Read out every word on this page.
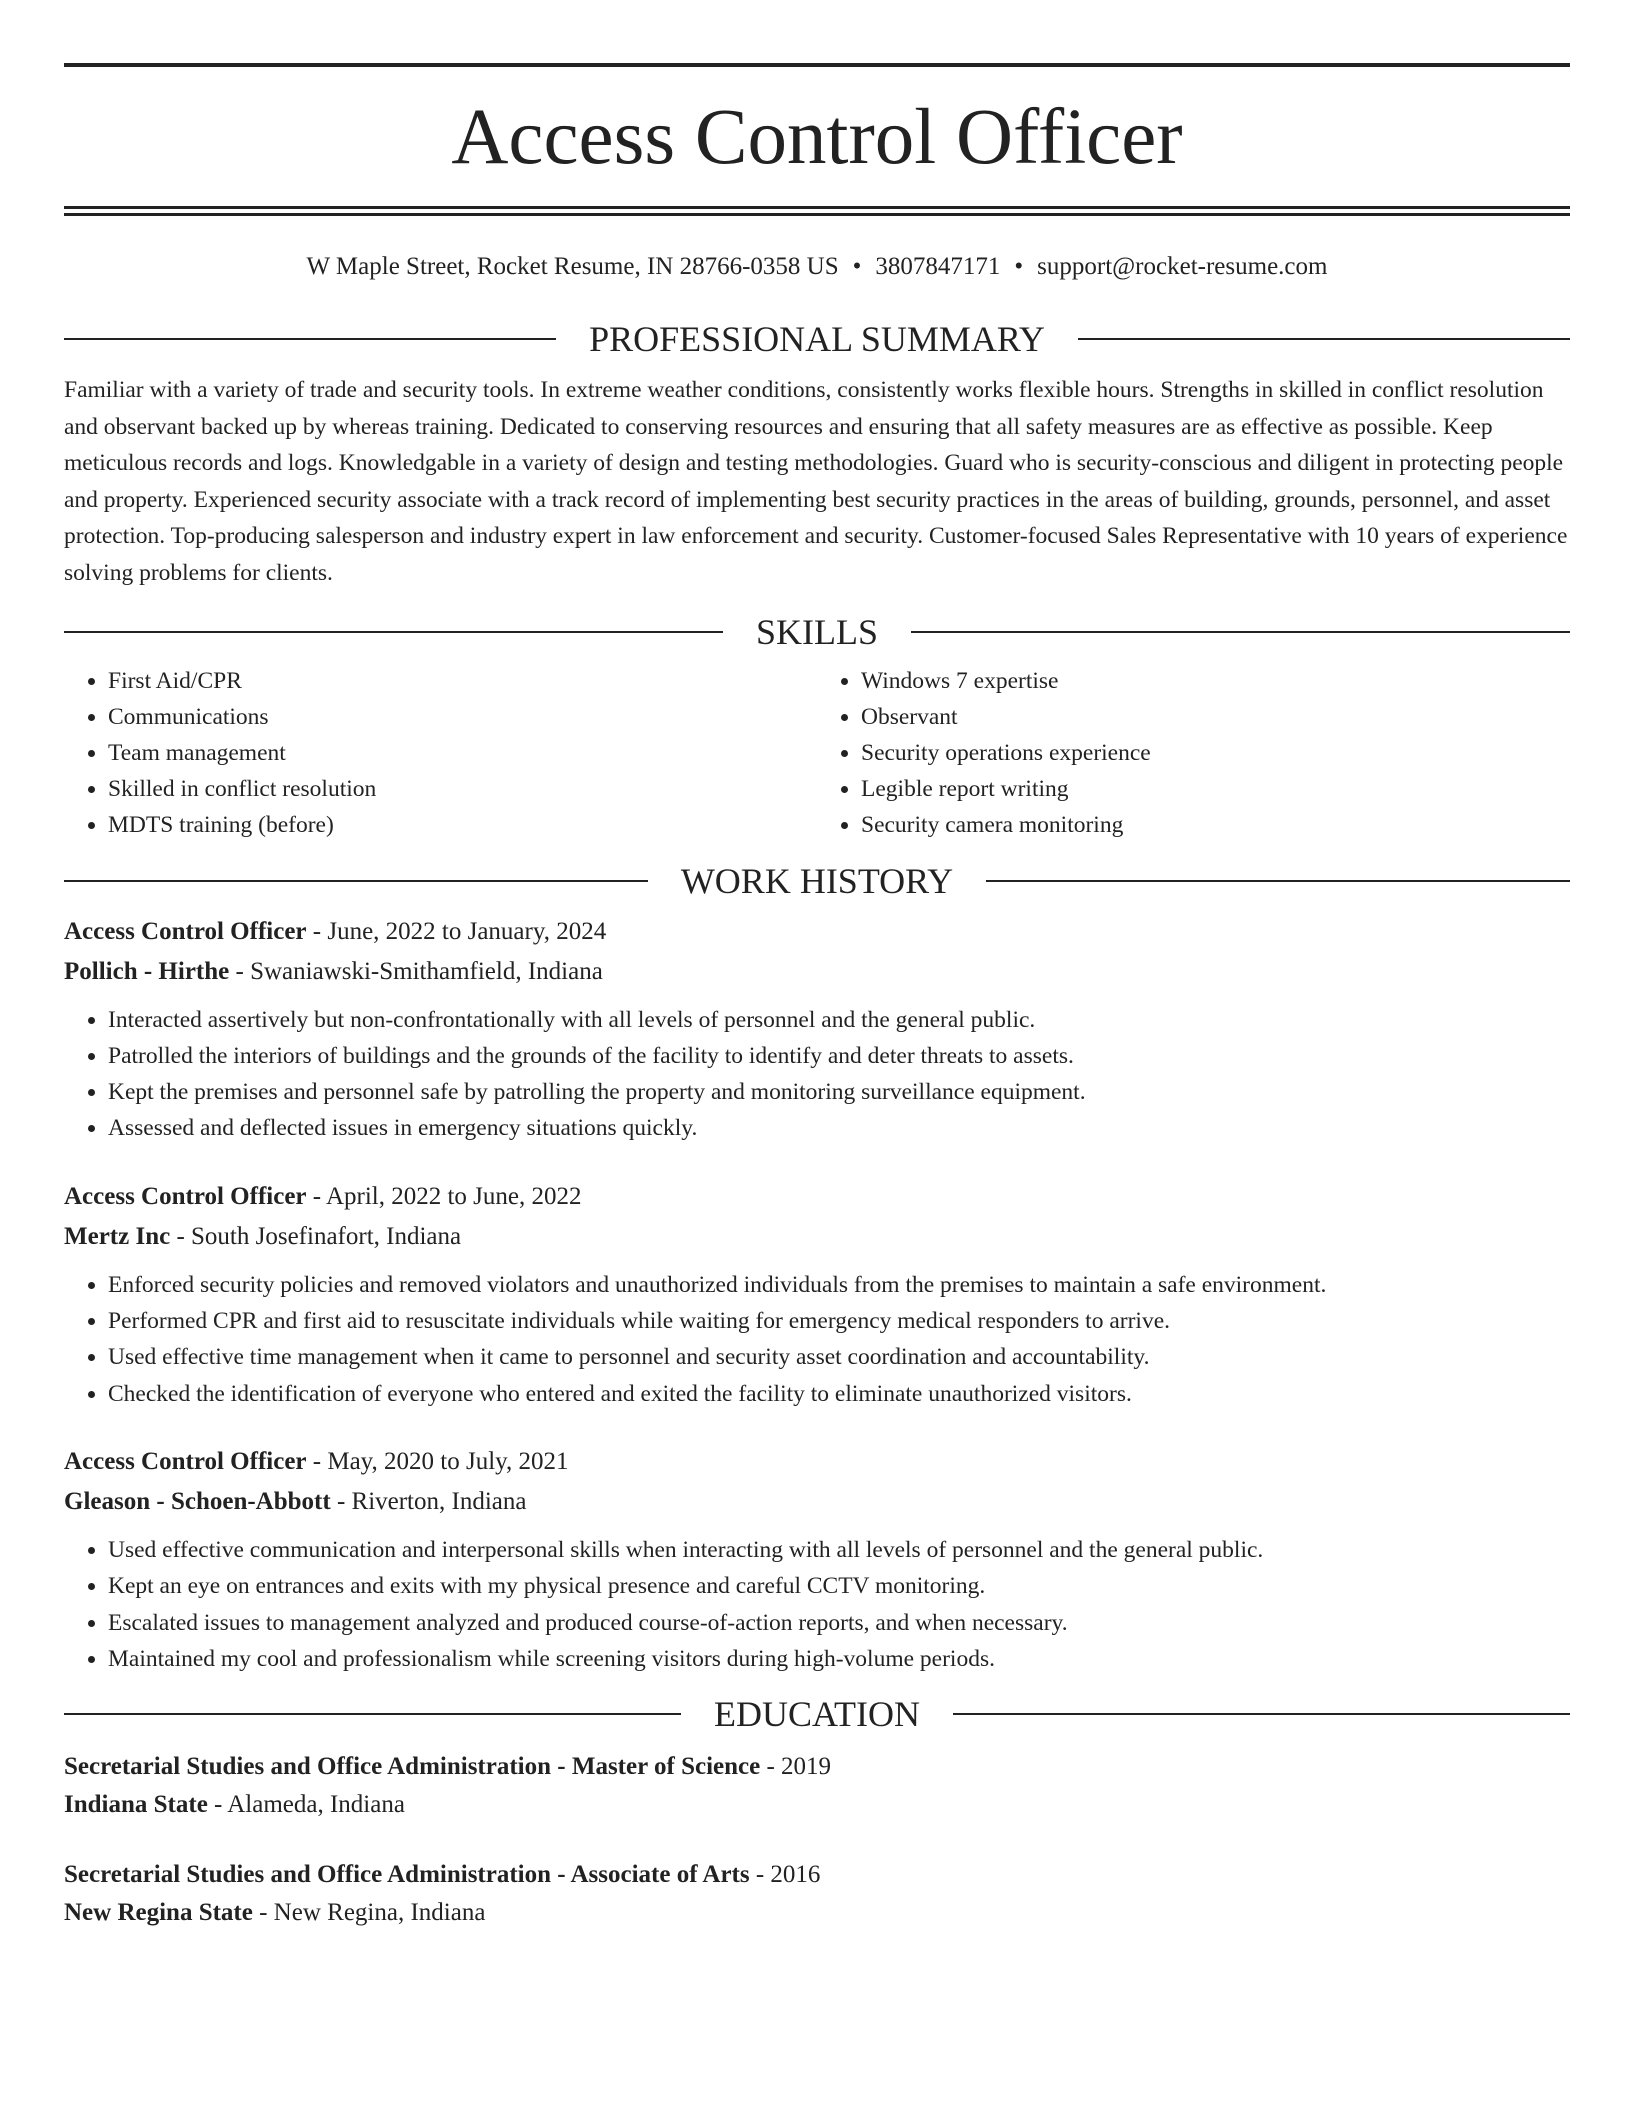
Access Control Officer
W Maple Street, Rocket Resume, IN 28766-0358 US • 3807847171 • support@rocket-resume.com
PROFESSIONAL SUMMARY

Familiar with a variety of trade and security tools. In extreme weather conditions, consistently works flexible hours. Strengths in skilled in conflict resolution and observant backed up by whereas training. Dedicated to conserving resources and ensuring that all safety measures are as effective as possible. Keep meticulous records and logs. Knowledgable in a variety of design and testing methodologies. Guard who is security-conscious and diligent in protecting people and property. Experienced security associate with a track record of implementing best security practices in the areas of building, grounds, personnel, and asset protection. Top-producing salesperson and industry expert in law enforcement and security. Customer-focused Sales Representative with 10 years of experience solving problems for clients.

SKILLS
• First Aid/CPR
• Communications
• Team management
• Skilled in conflict resolution
• MDTS training (before)
• Windows 7 expertise
• Observant
• Security operations experience
• Legible report writing
• Security camera monitoring
WORK HISTORY
Access Control Officer - June, 2022 to January, 2024
Pollich - Hirthe - Swaniawski-Smithamfield, Indiana
• Interacted assertively but non-confrontationally with all levels of personnel and the general public.
• Patrolled the interiors of buildings and the grounds of the facility to identify and deter threats to assets.
• Kept the premises and personnel safe by patrolling the property and monitoring surveillance equipment.
• Assessed and deflected issues in emergency situations quickly.
Access Control Officer - April, 2022 to June, 2022
Mertz Inc - South Josefinafort, Indiana
• Enforced security policies and removed violators and unauthorized individuals from the premises to maintain a safe environment.
• Performed CPR and first aid to resuscitate individuals while waiting for emergency medical responders to arrive.
• Used effective time management when it came to personnel and security asset coordination and accountability.
• Checked the identification of everyone who entered and exited the facility to eliminate unauthorized visitors.
Access Control Officer - May, 2020 to July, 2021
Gleason - Schoen-Abbott - Riverton, Indiana
• Used effective communication and interpersonal skills when interacting with all levels of personnel and the general public.
• Kept an eye on entrances and exits with my physical presence and careful CCTV monitoring.
• Escalated issues to management analyzed and produced course-of-action reports, and when necessary.
• Maintained my cool and professionalism while screening visitors during high-volume periods.
EDUCATION
Secretarial Studies and Office Administration - Master of Science - 2019
Indiana State - Alameda, Indiana
Secretarial Studies and Office Administration - Associate of Arts - 2016
New Regina State - New Regina, Indiana
